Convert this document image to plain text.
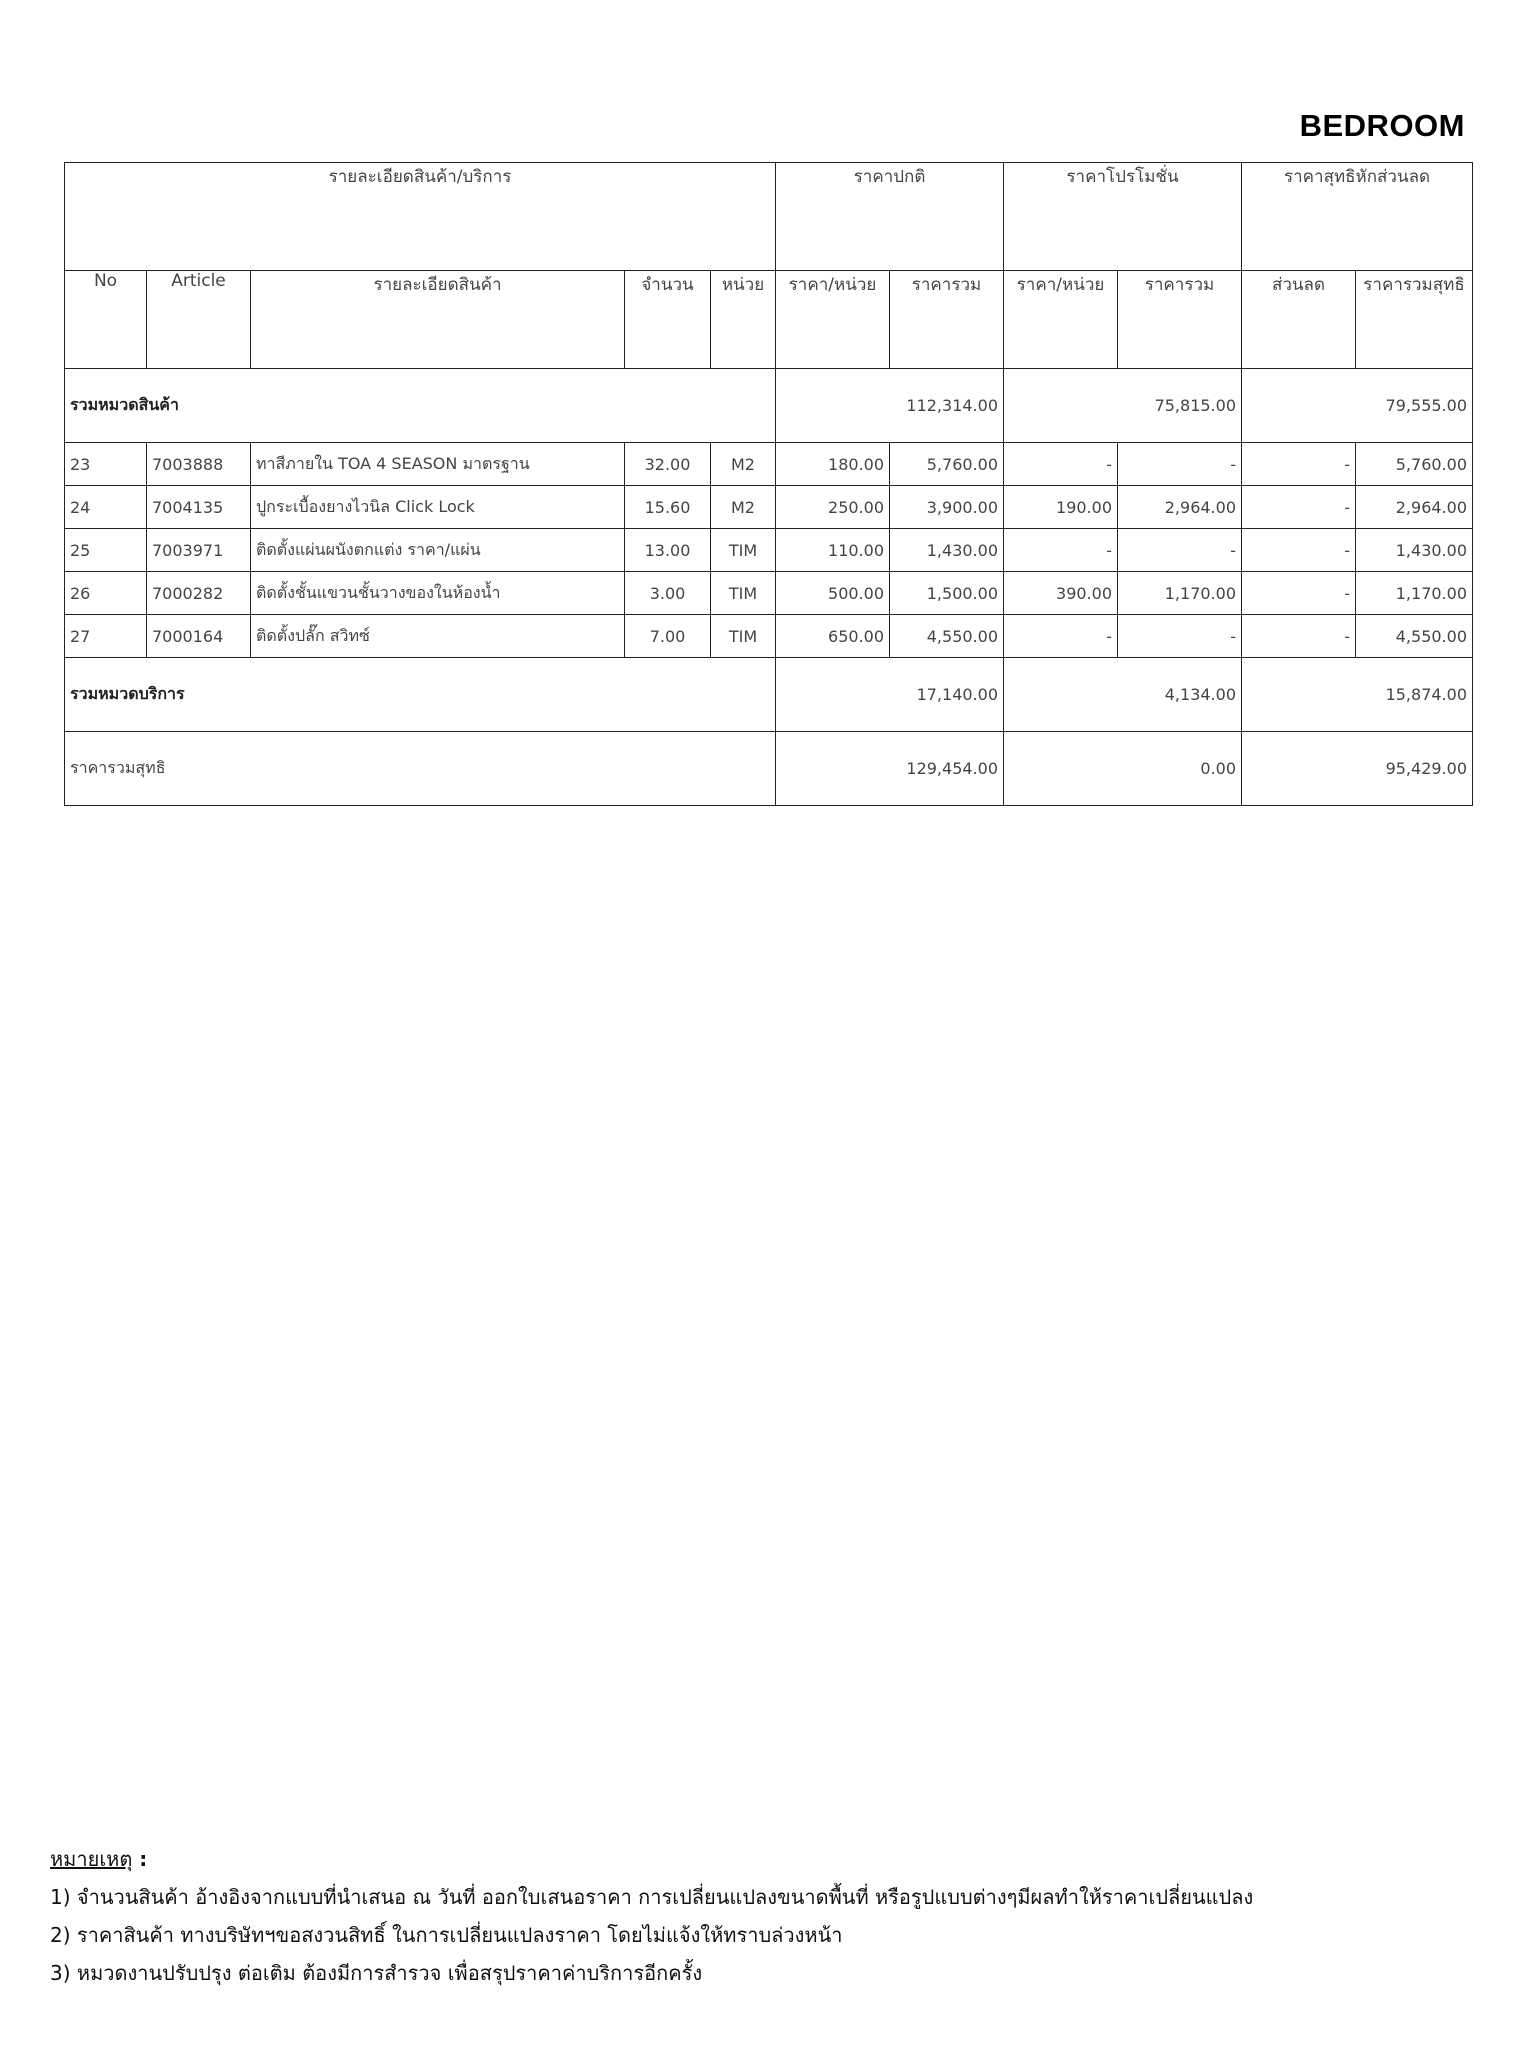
BEDROOM
รายละเอียดสินค้า/บริการ					ราคาปกติ		ราคาโปรโมชั่น		ราคาสุทธิหักส่วนลด	
No	Article	รายละเอียดสินค้า	จำนวน	หน่วย	ราคา/หน่วย	ราคารวม	ราคา/หน่วย	ราคารวม	ส่วนลด	ราคารวมสุทธิ
รวมหมวดสินค้า					112,314.00		75,815.00		79,555.00	
23	7003888	ทาสีภายใน TOA 4 SEASON มาตรฐาน	32.00	M2	180.00	5,760.00	-	-	-	5,760.00
24	7004135	ปูกระเบื้องยางไวนิล Click Lock	15.60	M2	250.00	3,900.00	190.00	2,964.00	-	2,964.00
25	7003971	ติดตั้งแผ่นผนังตกแต่ง ราคา/แผ่น	13.00	TIM	110.00	1,430.00	-	-	-	1,430.00
26	7000282	ติดตั้งชั้นแขวนชั้นวางของในห้องน้ำ	3.00	TIM	500.00	1,500.00	390.00	1,170.00	-	1,170.00
27	7000164	ติดตั้งปลั๊ก สวิทซ์	7.00	TIM	650.00	4,550.00	-	-	-	4,550.00
รวมหมวดบริการ					17,140.00		4,134.00		15,874.00	
ราคารวมสุทธิ					129,454.00		0.00		95,429.00	
หมายเหตุ :
1) จำนวนสินค้า อ้างอิงจากแบบที่นำเสนอ ณ วันที่ ออกใบเสนอราคา การเปลี่ยนแปลงขนาดพื้นที่ หรือรูปแบบต่างๆมีผลทำให้ราคาเปลี่ยนแปลง
2) ราคาสินค้า ทางบริษัทฯขอสงวนสิทธิ์ ในการเปลี่ยนแปลงราคา โดยไม่แจ้งให้ทราบล่วงหน้า
3) หมวดงานปรับปรุง ต่อเติม ต้องมีการสำรวจ เพื่อสรุปราคาค่าบริการอีกครั้ง
